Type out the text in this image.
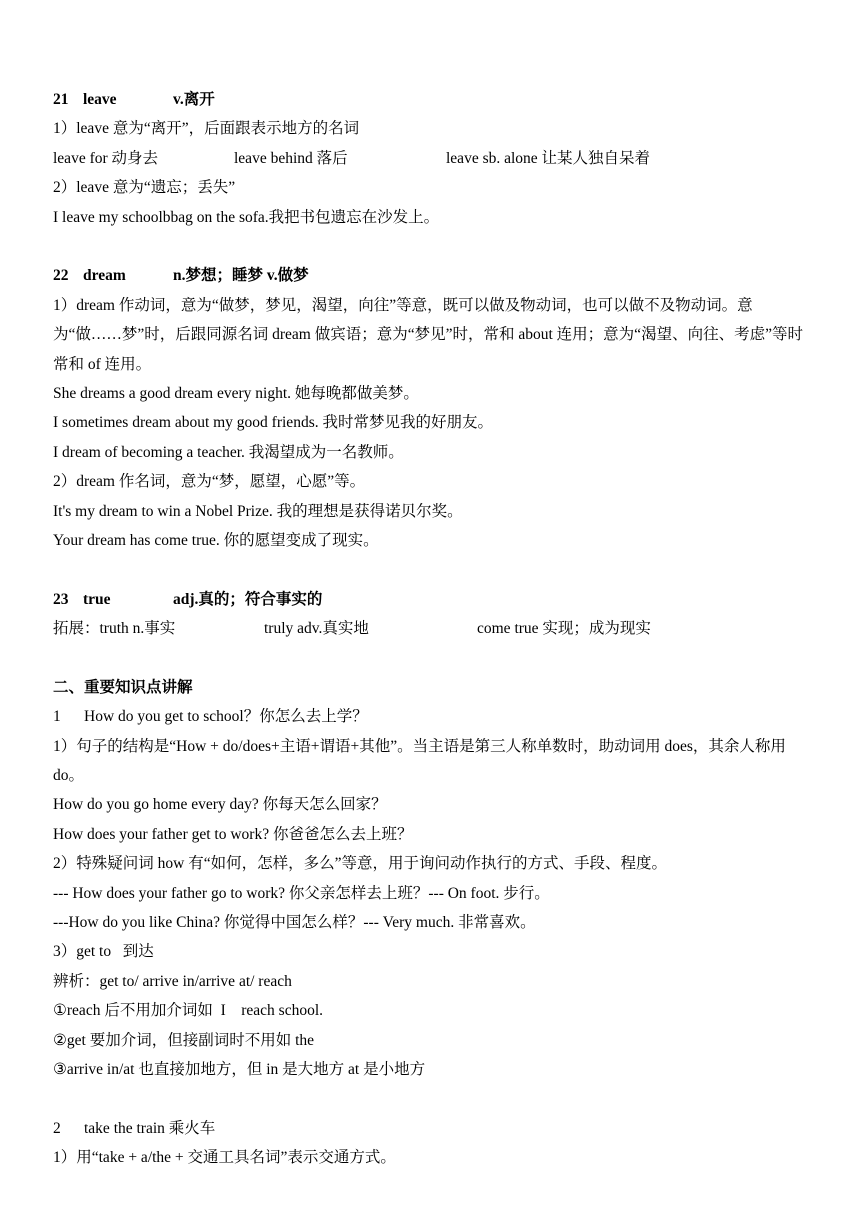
21 leave	v.离开
1）leave 意为“离开”，后面跟表示地方的名词
leave for 动身去	leave behind 落后	leave sb. alone 让某人独自呆着
2）leave 意为“遗忘；丢失”
I leave my schoolbbag on the sofa.我把书包遗忘在沙发上。
22 dream	n.梦想；睡梦 v.做梦
1）dream 作动词，意为“做梦，梦见，渴望，向往”等意，既可以做及物动词，也可以做不及物动词。意为“做……梦”时，后跟同源名词 dream 做宾语；意为“梦见”时，常和 about 连用；意为“渴望、向往、考虑”等时常和 of 连用。
She dreams a good dream every night. 她每晚都做美梦。
I sometimes dream about my good friends. 我时常梦见我的好朋友。
I dream of becoming a teacher. 我渴望成为一名教师。
2）dream 作名词，意为“梦，愿望，心愿”等。
It's my dream to win a Nobel Prize. 我的理想是获得诺贝尔奖。
Your dream has come true. 你的愿望变成了现实。
23 true	adj.真的；符合事实的
拓展：truth n.事实	truly adv.真实地	come true 实现；成为现实
二、重要知识点讲解
1      How do you get to school？你怎么去上学？
1）句子的结构是“How + do/does+主语+谓语+其他”。当主语是第三人称单数时，助动词用 does，其余人称用 do。
How do you go home every day? 你每天怎么回家？
How does your father get to work? 你爸爸怎么去上班？
2）特殊疑问词 how 有“如何，怎样，多么”等意，用于询问动作执行的方式、手段、程度。
--- How does your father go to work? 你父亲怎样去上班？--- On foot. 步行。
---How do you like China? 你觉得中国怎么样？--- Very much. 非常喜欢。
3）get to   到达
辨析：get to/ arrive in/arrive at/ reach
①reach 后不用加介词如  I    reach school.
②get 要加介词，但接副词时不用如 the
③arrive in/at 也直接加地方，但 in 是大地方 at 是小地方
2      take the train 乘火车
1）用“take + a/the + 交通工具名词”表示交通方式。
